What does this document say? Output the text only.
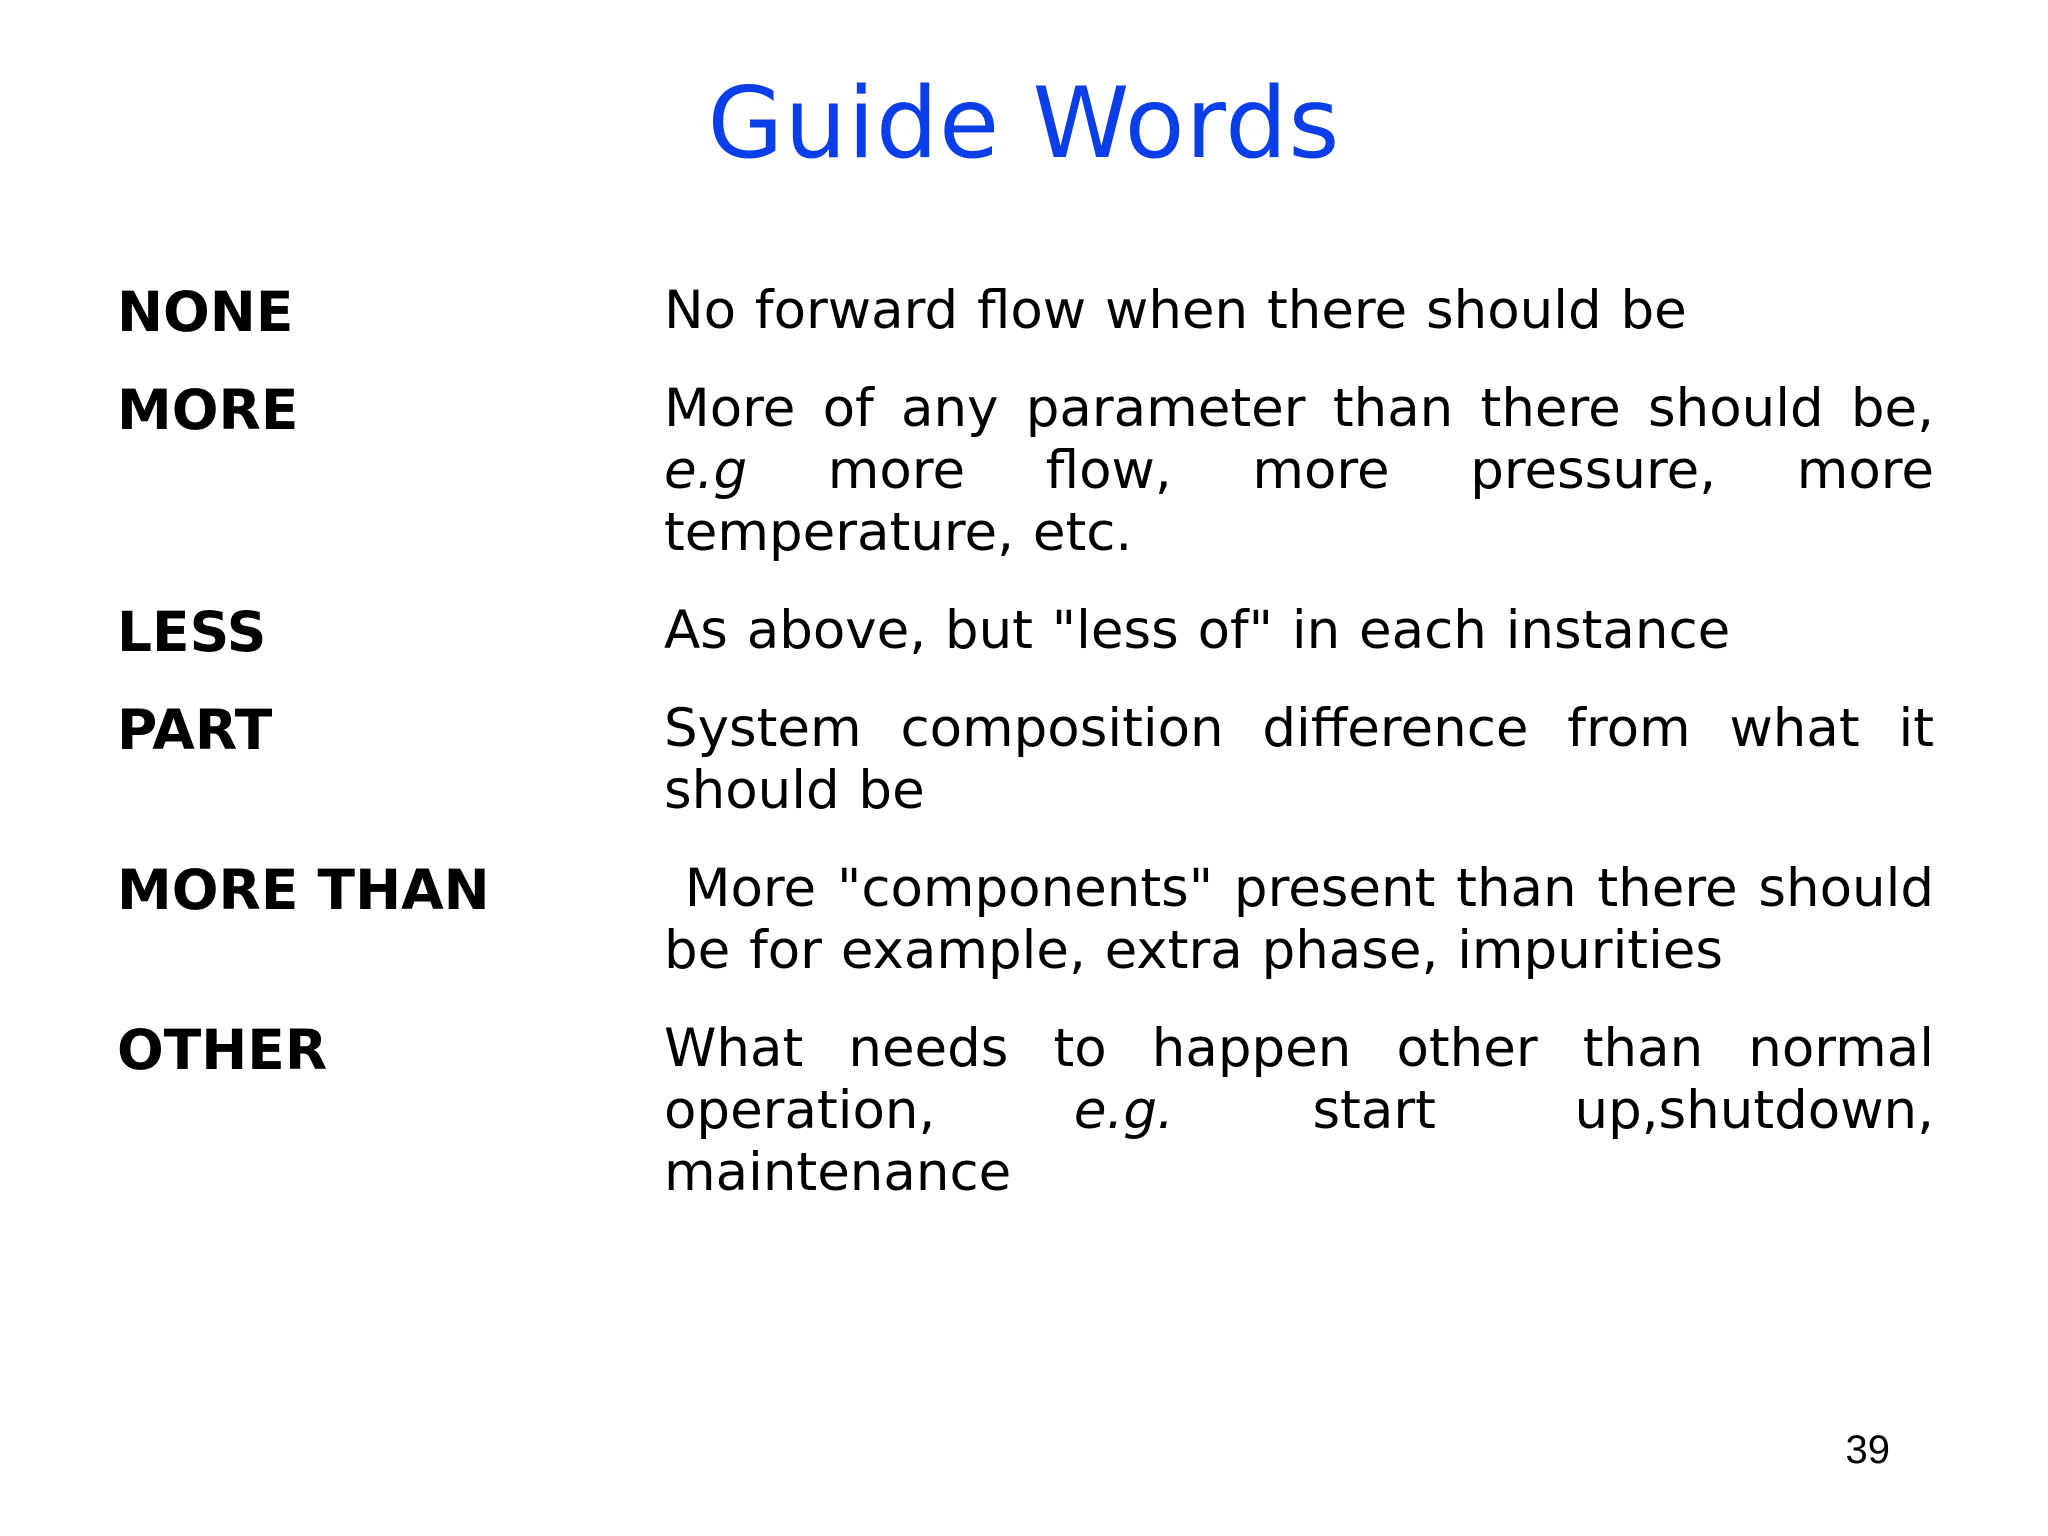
Guide Words
NONE	No forward flow when there should be
MORE	More of any parameter than there should be, e.g more flow, more pressure, more temperature, etc.
LESS	As above, but "less of" in each instance
PART	System composition difference from what it should be
MORE THAN	More "components" present than there should be for example, extra phase, impurities
OTHER	What needs to happen other than normal operation, e.g. start up,shutdown, maintenance
39
